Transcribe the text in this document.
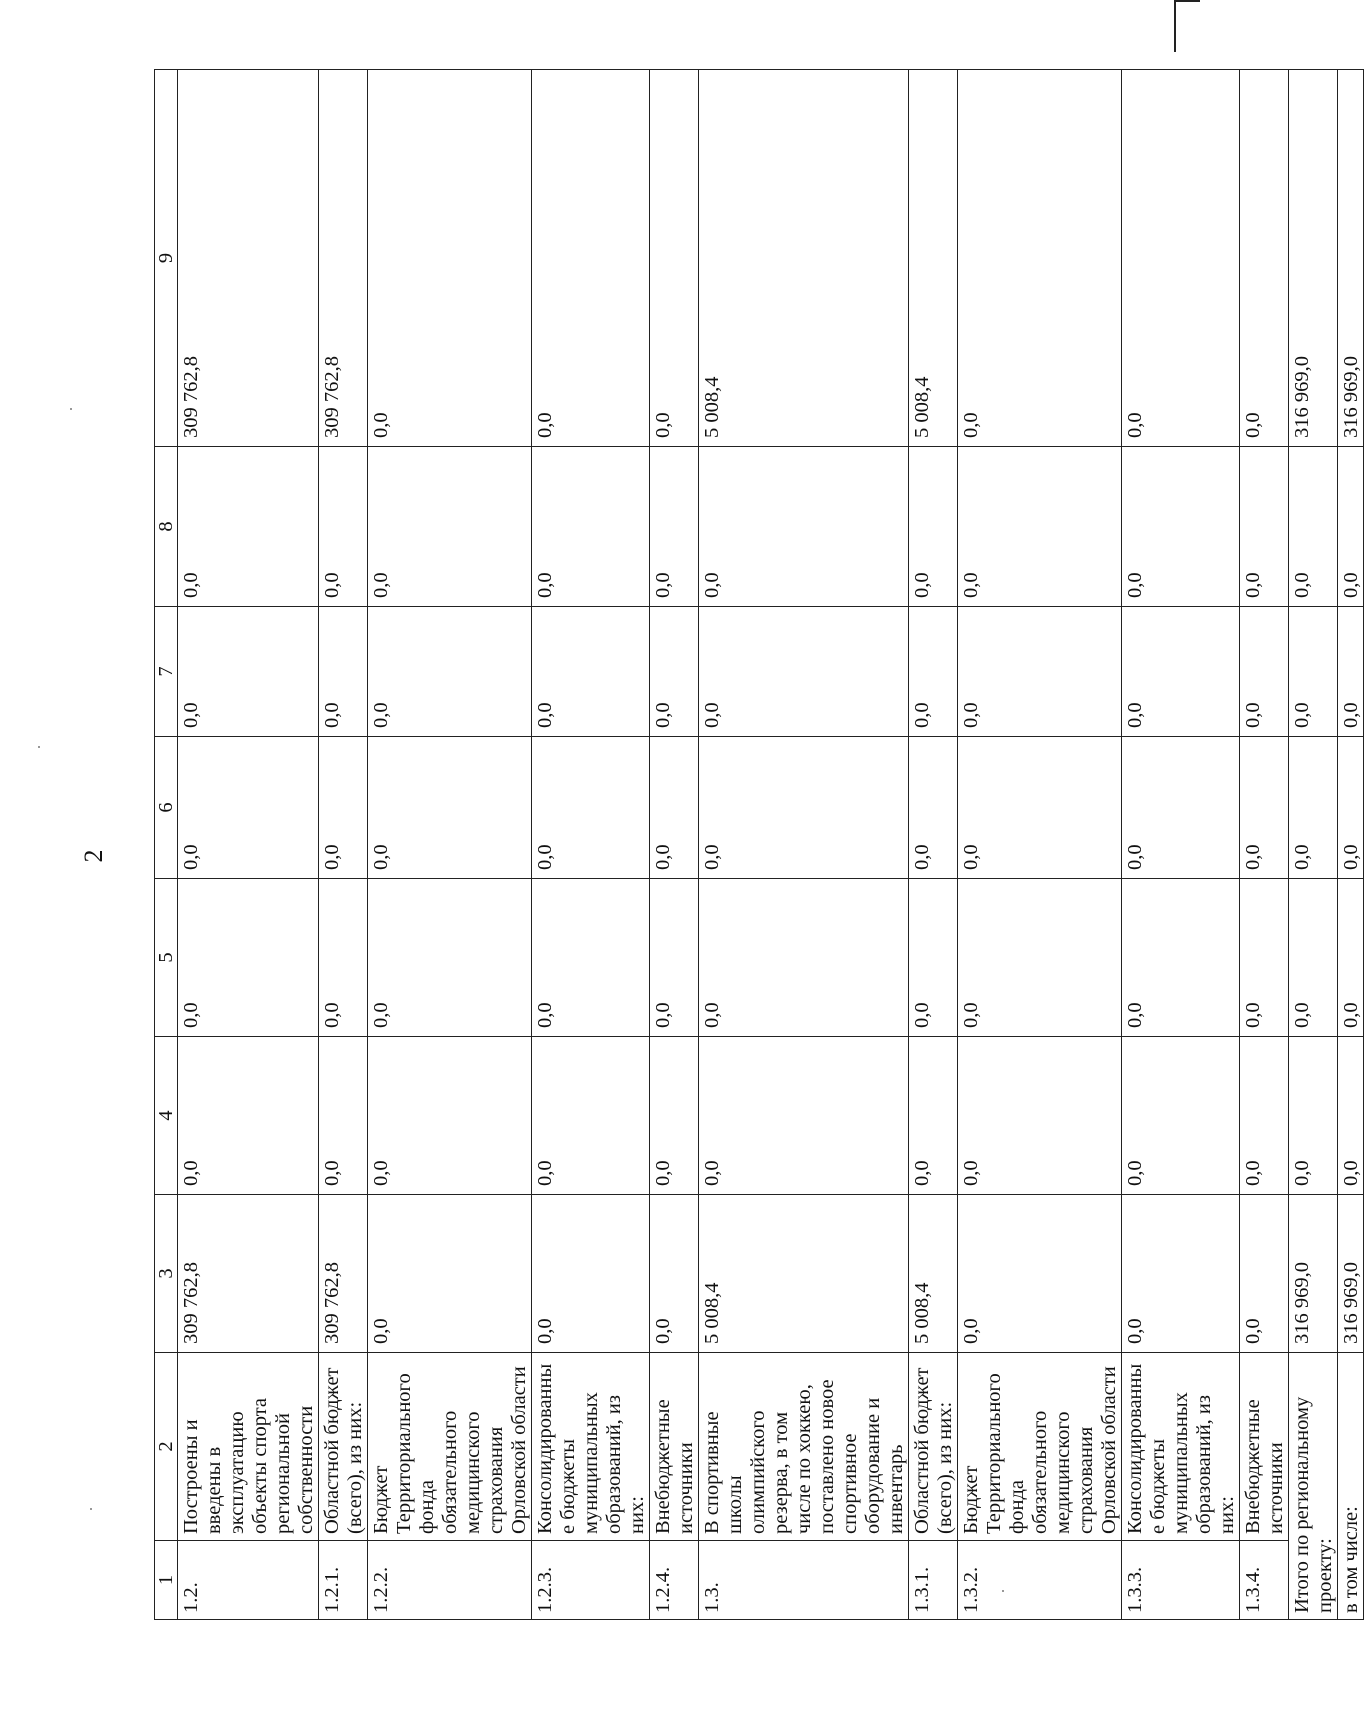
2
1	2	3	4	5	6	7	8	9
1.2.	Построены и введены в эксплуатацию объекты спорта региональной собственности	309 762,8	0,0	0,0	0,0	0,0	0,0	309 762,8
1.2.1.	Областной бюджет (всего), из них:	309 762,8	0,0	0,0	0,0	0,0	0,0	309 762,8
1.2.2.	Бюджет Территориального фонда обязательного медицинского страхования Орловской области	0,0	0,0	0,0	0,0	0,0	0,0	0,0
1.2.3.	Консолидированные бюджеты муниципальных образований, из них:	0,0	0,0	0,0	0,0	0,0	0,0	0,0
1.2.4.	Внебюджетные источники	0,0	0,0	0,0	0,0	0,0	0,0	0,0
1.3.	В спортивные школы олимпийского резерва, в том числе по хоккею, поставлено новое спортивное оборудование и инвентарь	5 008,4	0,0	0,0	0,0	0,0	0,0	5 008,4
1.3.1.	Областной бюджет (всего), из них:	5 008,4	0,0	0,0	0,0	0,0	0,0	5 008,4
1.3.2.	Бюджет Территориального фонда обязательного медицинского страхования Орловской области	0,0	0,0	0,0	0,0	0,0	0,0	0,0
1.3.3.	Консолидированные бюджеты муниципальных образований, из них:	0,0	0,0	0,0	0,0	0,0	0,0	0,0
1.3.4.	Внебюджетные источники	0,0	0,0	0,0	0,0	0,0	0,0	0,0
Итого по региональному проекту:		316 969,0	0,0	0,0	0,0	0,0	0,0	316 969,0
в том числе:		316 969,0	0,0	0,0	0,0	0,0	0,0	316 969,0
